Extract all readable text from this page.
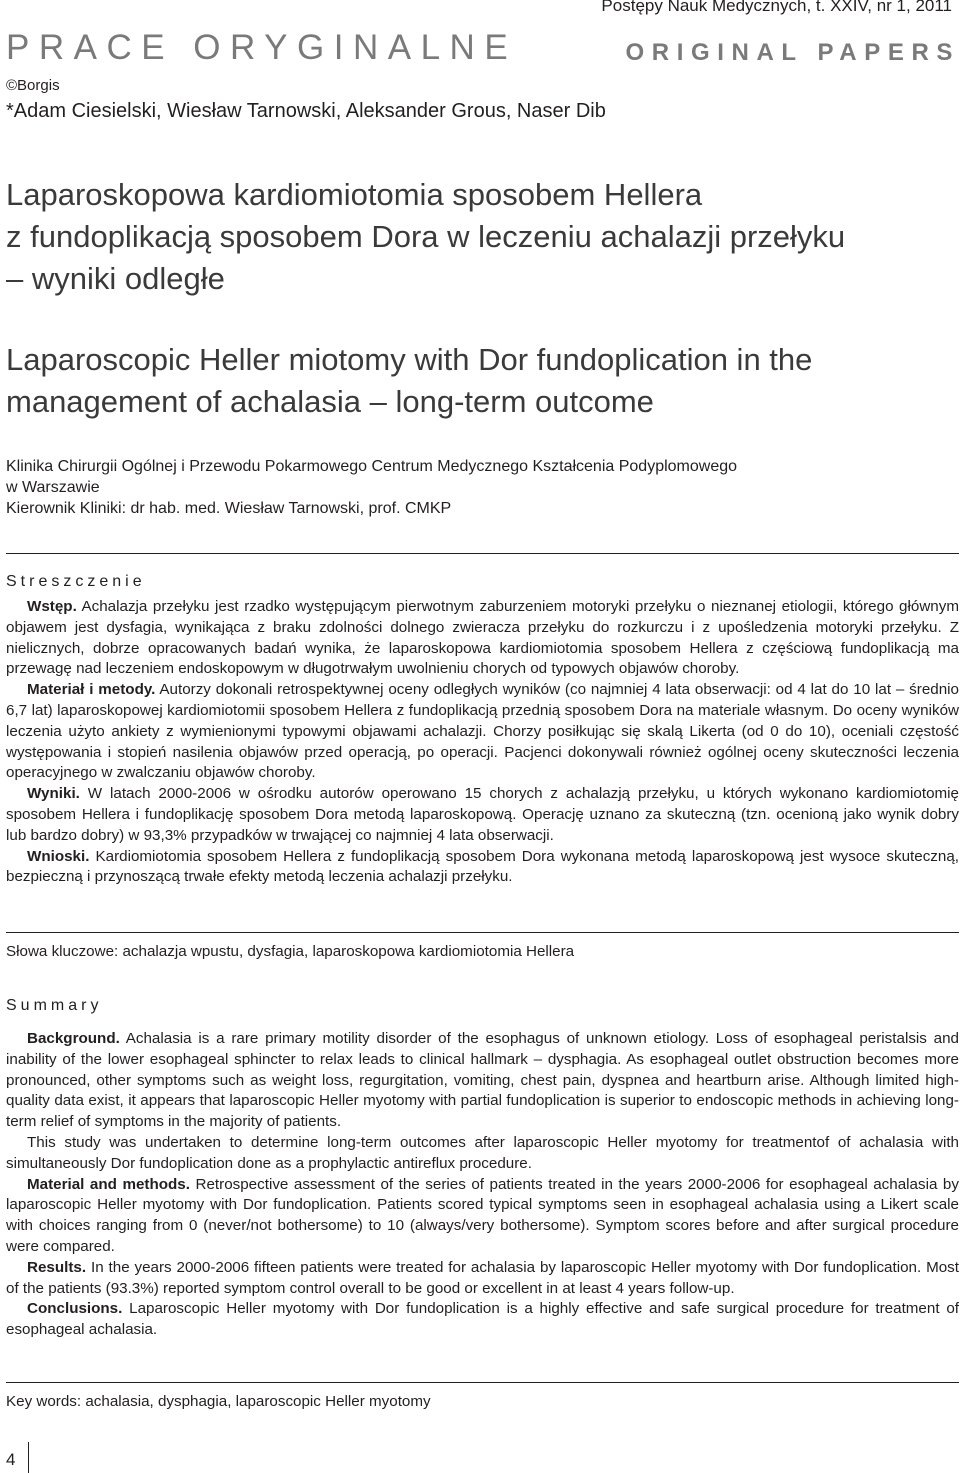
Postępy Nauk Medycznych, t. XXIV, nr 1, 2011
PRACE ORYGINALNE	ORIGINAL PAPERS
©Borgis
*Adam Ciesielski, Wiesław Tarnowski, Aleksander Grous, Naser Dib
Laparoskopowa kardiomiotomia sposobem Hellera
z fundoplikacją sposobem Dora w leczeniu achalazji przełyku
– wyniki odległe
Laparoscopic Heller miotomy with Dor fundoplication in the
management of achalasia – long-term outcome
Klinika Chirurgii Ogólnej i Przewodu Pokarmowego Centrum Medycznego Kształcenia Podyplomowego
w Warszawie
Kierownik Kliniki: dr hab. med. Wiesław Tarnowski, prof. CMKP
Streszczenie

Wstęp. Achalazja przełyku jest rzadko występującym pierwotnym zaburzeniem motoryki przełyku o nieznanej etiologii, którego głównym objawem jest dysfagia, wynikająca z braku zdolności dolnego zwieracza przełyku do rozkurczu i z upośledzenia motoryki przełyku. Z nielicznych, dobrze opracowanych badań wynika, że laparoskopowa kardiomiotomia sposobem Hellera z częściową fundoplikacją ma przewagę nad leczeniem endoskopowym w długotrwałym uwolnieniu chorych od typowych objawów choroby.

Materiał i metody. Autorzy dokonali retrospektywnej oceny odległych wyników (co najmniej 4 lata obserwacji: od 4 lat do 10 lat – średnio 6,7 lat) laparoskopowej kardiomiotomii sposobem Hellera z fundoplikacją przednią sposobem Dora na materiale własnym. Do oceny wyników leczenia użyto ankiety z wymienionymi typowymi objawami achalazji. Chorzy posiłkując się skalą Likerta (od 0 do 10), oceniali częstość występowania i stopień nasilenia objawów przed operacją, po operacji. Pacjenci dokonywali również ogólnej oceny skuteczności leczenia operacyjnego w zwalczaniu objawów choroby.

Wyniki. W latach 2000-2006 w ośrodku autorów operowano 15 chorych z achalazją przełyku, u których wykonano kardiomiotomię sposobem Hellera i fundoplikację sposobem Dora metodą laparoskopową. Operację uznano za skuteczną (tzn. ocenioną jako wynik dobry lub bardzo dobry) w 93,3% przypadków w trwającej co najmniej 4 lata obserwacji.

Wnioski. Kardiomiotomia sposobem Hellera z fundoplikacją sposobem Dora wykonana metodą laparoskopową jest wysoce skuteczną, bezpieczną i przynoszącą trwałe efekty metodą leczenia achalazji przełyku.

Słowa kluczowe: achalazja wpustu, dysfagia, laparoskopowa kardiomiotomia Hellera
Summary

Background. Achalasia is a rare primary motility disorder of the esophagus of unknown etiology. Loss of esophageal peristalsis and inability of the lower esophageal sphincter to relax leads to clinical hallmark – dysphagia. As esophageal outlet obstruction becomes more pronounced, other symptoms such as weight loss, regurgitation, vomiting, chest pain, dyspnea and heartburn arise. Although limited high-quality data exist, it appears that laparoscopic Heller myotomy with partial fundoplication is superior to endoscopic methods in achieving long-term relief of symptoms in the majority of patients.

This study was undertaken to determine long-term outcomes after laparoscopic Heller myotomy for treatmentof of achalasia with simultaneously Dor fundoplication done as a prophylactic antireflux procedure.

Material and methods. Retrospective assessment of the series of patients treated in the years 2000-2006 for esophageal achalasia by laparoscopic Heller myotomy with Dor fundoplication. Patients scored typical symptoms seen in esophageal achalasia using a Likert scale with choices ranging from 0 (never/not bothersome) to 10 (always/very bothersome). Symptom scores before and after surgical procedure were compared.

Results. In the years 2000-2006 fifteen patients were treated for achalasia by laparoscopic Heller myotomy with Dor fundoplication. Most of the patients (93.3%) reported symptom control overall to be good or excellent in at least 4 years follow-up.

Conclusions. Laparoscopic Heller myotomy with Dor fundoplication is a highly effective and safe surgical procedure for treatment of esophageal achalasia.

Key words: achalasia, dysphagia, laparoscopic Heller myotomy
4
